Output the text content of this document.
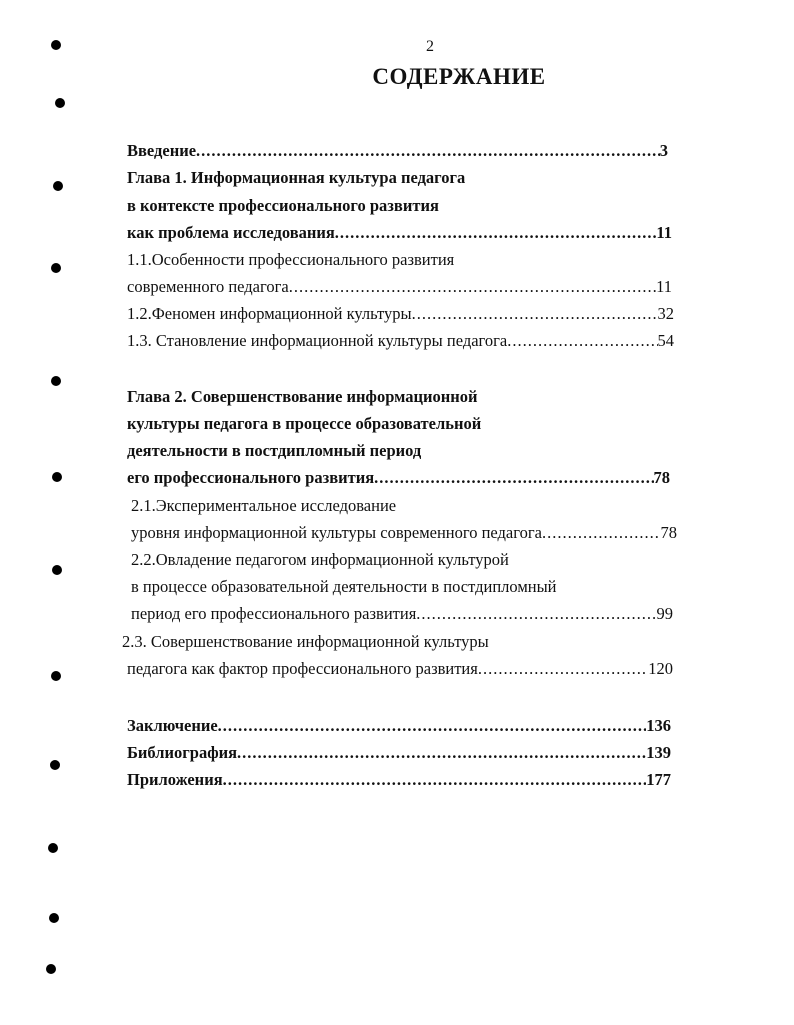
2
СОДЕРЖАНИЕ
Введение .....	3
Глава 1. Информационная культура педагога
в контексте профессионального развития
как проблема исследования .....	11
1.1.Особенности профессионального развития
современного педагога .....	11
1.2.Феномен информационной культуры .....	32
1.3. Становление информационной культуры педагога .....	54
Глава 2. Совершенствование информационной
культуры педагога в процессе образовательной
деятельности в постдипломный период
его профессионального развития .....	78
2.1.Экспериментальное исследование
уровня информационной культуры современного педагога .....	78
2.2.Овладение педагогом информационной культурой
в процессе образовательной деятельности в постдипломный
период его профессионального развития .....	99
2.3. Совершенствование информационной культуры
педагога как фактор профессионального развития .....	120
Заключение .....	136
Библиография .....	139
Приложения .....	177
